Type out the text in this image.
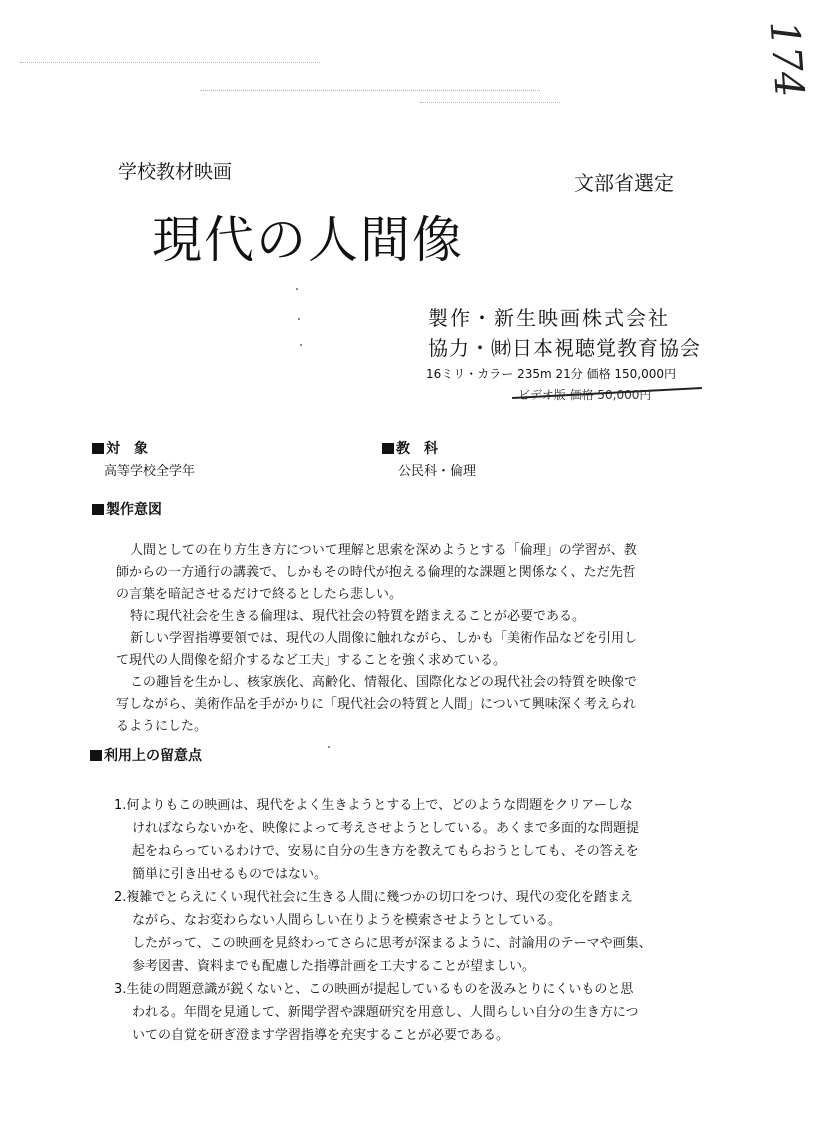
174
学校教材映画	文部省選定
現代の人間像
製作・新生映画株式会社
協力・㈶日本視聴覚教育協会
16ミリ・カラー 235m 21分 価格 150,000円
ビデオ版 価格 50,000円
対　象
高等学校全学年
教　科
公民科・倫理
製作意図
人間としての在り方生き方について理解と思索を深めようとする「倫理」の学習が、教
師からの一方通行の講義で、しかもその時代が抱える倫理的な課題と関係なく、ただ先哲
の言葉を暗記させるだけで終るとしたら悲しい。
特に現代社会を生きる倫理は、現代社会の特質を踏まえることが必要である。
新しい学習指導要領では、現代の人間像に触れながら、しかも「美術作品などを引用し
て現代の人間像を紹介するなど工夫」することを強く求めている。
この趣旨を生かし、核家族化、高齢化、情報化、国際化などの現代社会の特質を映像で
写しながら、美術作品を手がかりに「現代社会の特質と人間」について興味深く考えられ
るようにした。
利用上の留意点
1.何よりもこの映画は、現代をよく生きようとする上で、どのような問題をクリアーしな
ければならないかを、映像によって考えさせようとしている。あくまで多面的な問題提
起をねらっているわけで、安易に自分の生き方を教えてもらおうとしても、その答えを
簡単に引き出せるものではない。
2.複雑でとらえにくい現代社会に生きる人間に幾つかの切口をつけ、現代の変化を踏まえ
ながら、なお変わらない人間らしい在りようを模索させようとしている。
したがって、この映画を見終わってさらに思考が深まるように、討論用のテーマや画集、
参考図書、資料までも配慮した指導計画を工夫することが望ましい。
3.生徒の問題意識が鋭くないと、この映画が提起しているものを汲みとりにくいものと思
われる。年間を見通して、新聞学習や課題研究を用意し、人間らしい自分の生き方につ
いての自覚を研ぎ澄ます学習指導を充実することが必要である。
